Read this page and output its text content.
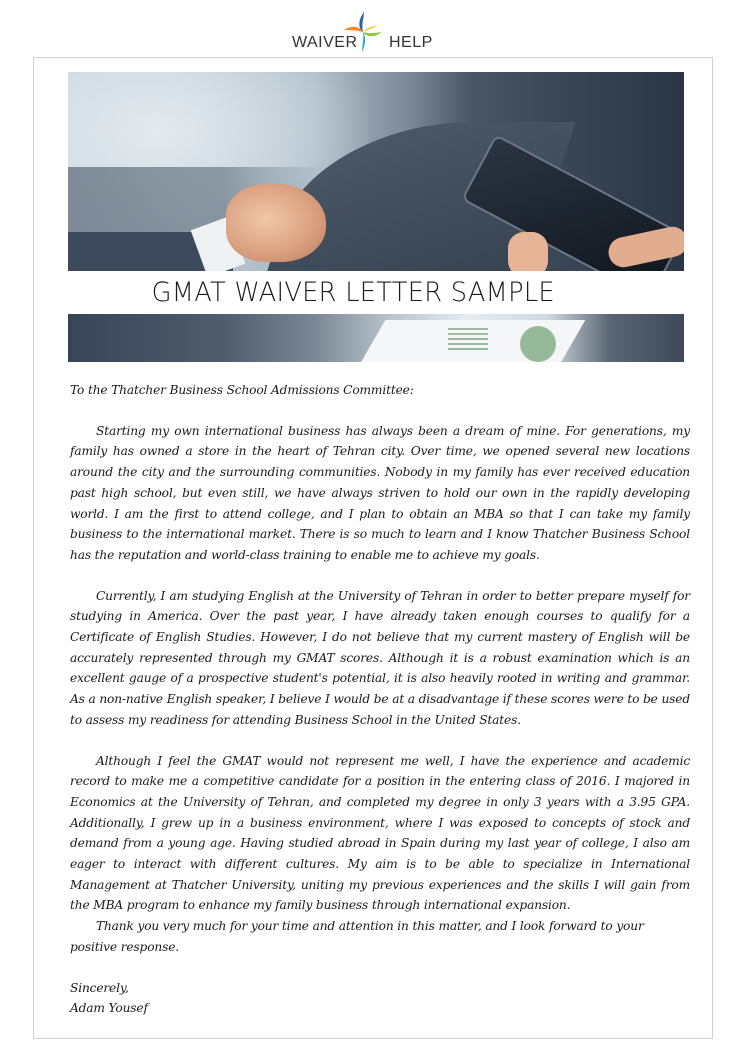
WAIVER HELP
GMAT WAIVER LETTER SAMPLE

To the Thatcher Business School Admissions Committee:

Starting my own international business has always been a dream of mine. For generations, my family has owned a store in the heart of Tehran city. Over time, we opened several new locations around the city and the surrounding communities. Nobody in my family has ever received education past high school, but even still, we have always striven to hold our own in the rapidly developing world. I am the first to attend college, and I plan to obtain an MBA so that I can take my family business to the international market. There is so much to learn and I know Thatcher Business School has the reputation and world-class training to enable me to achieve my goals.

Currently, I am studying English at the University of Tehran in order to better prepare myself for studying in America. Over the past year, I have already taken enough courses to qualify for a Certificate of English Studies. However, I do not believe that my current mastery of English will be accurately represented through my GMAT scores. Although it is a robust examination which is an excellent gauge of a prospective student's potential, it is also heavily rooted in writing and grammar. As a non-native English speaker, I believe I would be at a disadvantage if these scores were to be used to assess my readiness for attending Business School in the United States.

Although I feel the GMAT would not represent me well, I have the experience and academic record to make me a competitive candidate for a position in the entering class of 2016. I majored in Economics at the University of Tehran, and completed my degree in only 3 years with a 3.95 GPA. Additionally, I grew up in a business environment, where I was exposed to concepts of stock and demand from a young age. Having studied abroad in Spain during my last year of college, I also am eager to interact with different cultures. My aim is to be able to specialize in International Management at Thatcher University, uniting my previous experiences and the skills I will gain from the MBA program to enhance my family business through international expansion.

Thank you very much for your time and attention in this matter, and I look forward to your positive response.

Sincerely,

Adam Yousef
